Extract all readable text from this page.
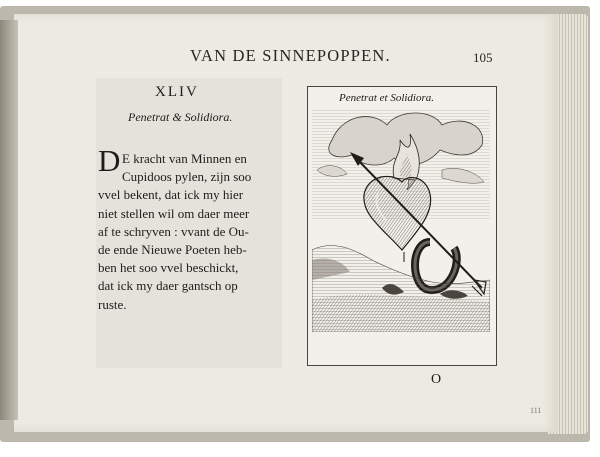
VAN DE SINNEPOPPEN.	105
XLIV
Penetrat & Solidiora.
D E kracht van Minnen en
Cupidoos pylen, zijn soo
vvel bekent, dat ick my hier
niet stellen wil om daer meer
af te schryven : vvant de Ou-
de ende Nieuwe Poeten heb-
ben het soo vvel beschickt,
dat ick my daer gantsch op
ruste.
Penetrat et Solidiora.
O
111
